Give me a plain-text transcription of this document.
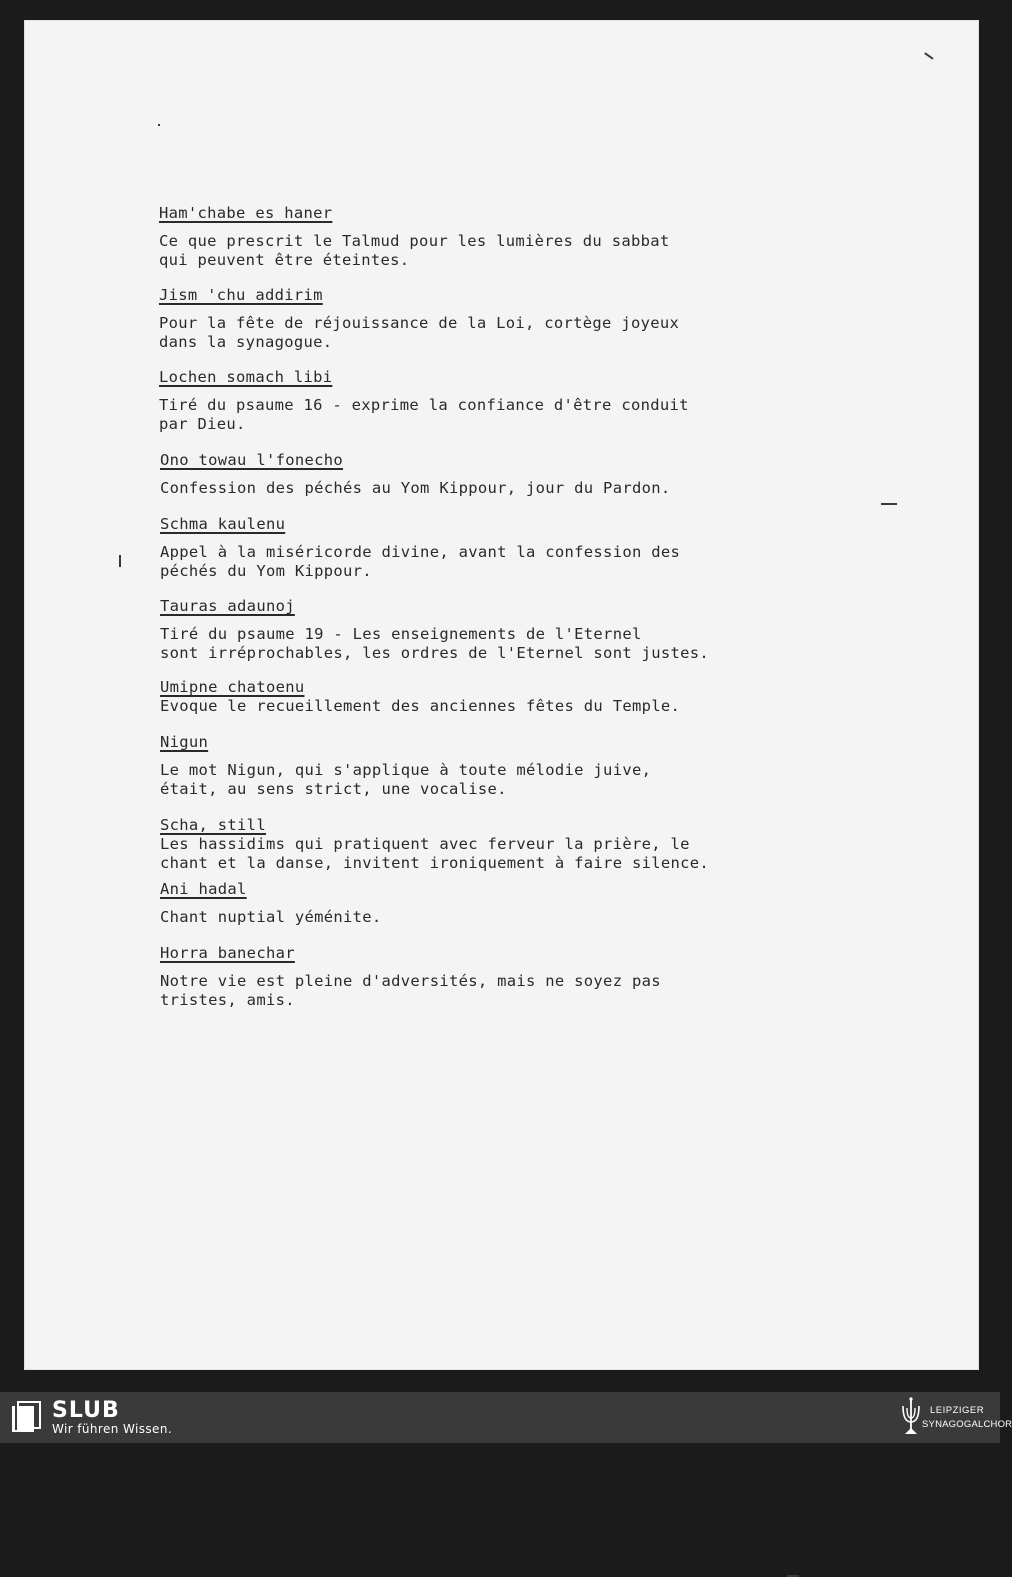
Ham'chabe es haner
Ce que prescrit le Talmud pour les lumières du sabbat
qui peuvent être éteintes.
Jism 'chu addirim
Pour la fête de réjouissance de la Loi, cortège joyeux
dans la synagogue.
Lochen somach libi
Tiré du psaume 16 - exprime la confiance d'être conduit
par Dieu.
Ono towau l'fonecho
Confession des péchés au Yom Kippour, jour du Pardon.
Schma kaulenu
Appel à la miséricorde divine, avant la confession des
péchés du Yom Kippour.
Tauras adaunoj
Tiré du psaume 19 - Les enseignements de l'Eternel
sont irréprochables, les ordres de l'Eternel sont justes.
Umipne chatoenu
Evoque le recueillement des anciennes fêtes du Temple.
Nigun
Le mot Nigun, qui s'applique à toute mélodie juive,
était, au sens strict, une vocalise.
Scha, still
Les hassidims qui pratiquent avec ferveur la prière, le
chant et la danse, invitent ironiquement à faire silence.
Ani hadal
Chant nuptial yéménite.
Horra banechar
Notre vie est pleine d'adversités, mais ne soyez pas
tristes, amis.
SLUB
Wir führen Wissen.
LEIPZIGER
SYNAGOGALCHOR
